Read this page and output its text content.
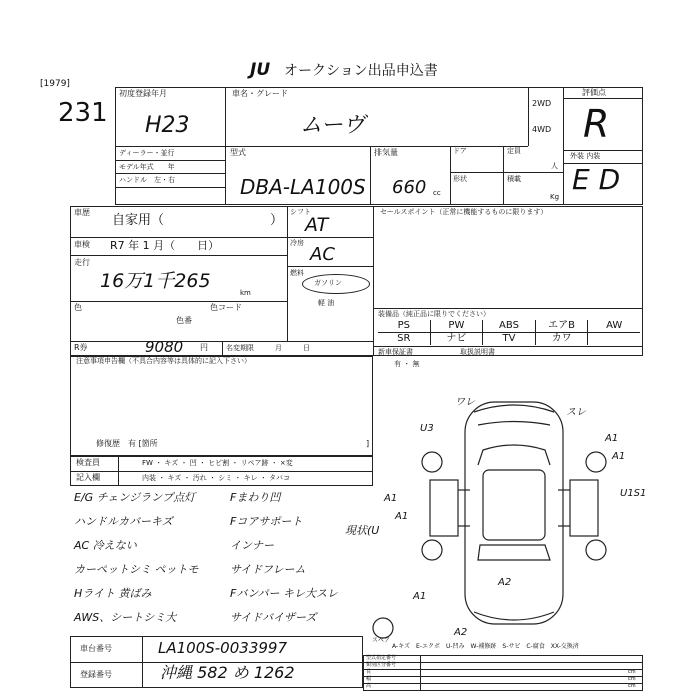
[1979]
231
JU オークション出品申込書
初度登録年月
H23
車名・グレード
ムーヴ
2WD
4WD
評価点
R
外装 内装
E D
ディーラー・並行
モデル年式　　年
ハンドル　左・右
型式
DBA-LA100S
排気量
660 cc
ドア
形状
定員
人
積載
Kg
車歴
自家用（	）
車検 R7 年 1 月（　　日）
走行
16万1千265
km
色
色番
色コード
シフト
AT
冷房
AC
燃料
ガソリン
軽 油
R券	9080 円	名変期限　　　月　　　日
セールスポイント（正常に機能するものに限ります）
装備品（純正品に限りでください）
PS	PW	ABS	エアB	AW
SR	ナビ	TV	カワ
新車保証書
有 ・ 無
取扱説明書
注意事項申告欄（不具合内容等は具体的に記入下さい）
修復歴　有 [箇所	]
検査員
記入欄
FW ・ キズ ・ 凹 ・ ヒビ割 ・ リペア跡 ・ ×変
内装 ・ キズ ・ 汚れ ・ シミ ・ キレ ・ タバコ
E/G チェンジランプ点灯
ハンドルカバーキズ
AC 冷えない
カーペットシミ ペットモ
Hライト 黄ばみ
AWS、シートシミ大
Fまわり凹
Fコアサポート
インナー
サイドフレーム
Fバンパー キレ大スレ
サイドバイザーズ
現状(U
ワレ
スレ
U3
A1
A1
U1S1
A1
A1
A1
A2
A2
スペア
A-キズ　E-エクボ　U-凹み　W-補修跡　S-サビ　C-腐食　XX-交換済
車台番号	LA100S-0033997
登録番号	沖縄 582 め 1262
型式指定番号
類別区分番号
長	cm
幅	cm
高	cm
